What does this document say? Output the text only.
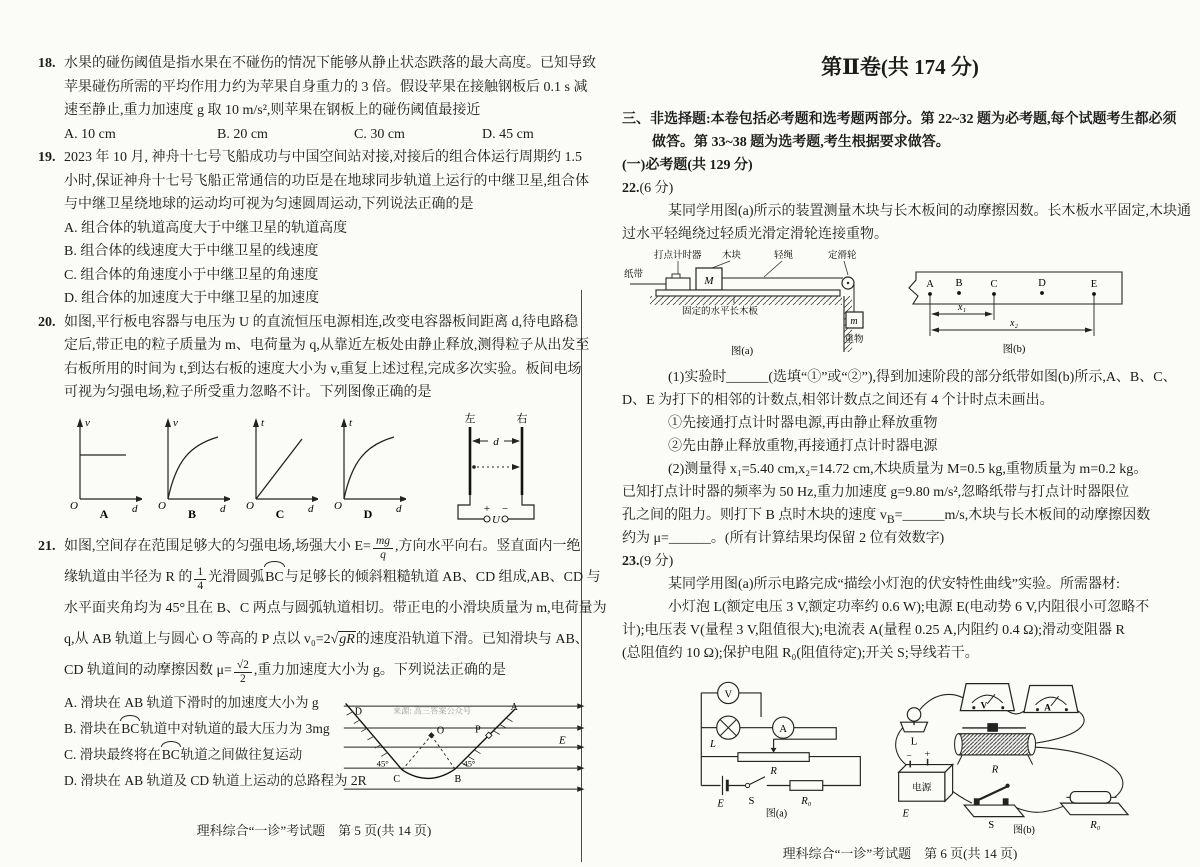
18. 水果的碰伤阈值是指水果在不碰伤的情况下能够从静止状态跌落的最大高度。已知导致
苹果碰伤所需的平均作用力约为苹果自身重力的 3 倍。假设苹果在接触钢板后 0.1 s 减
速至静止,重力加速度 g 取 10 m/s²,则苹果在钢板上的碰伤阈值最接近
A. 10 cm	B. 20 cm	C. 30 cm	D. 45 cm
19. 2023 年 10 月, 神舟十七号飞船成功与中国空间站对接,对接后的组合体运行周期约 1.5
小时,保证神舟十七号飞船正常通信的功臣是在地球同步轨道上运行的中继卫星,组合体
与中继卫星绕地球的运动均可视为匀速圆周运动,下列说法正确的是
A. 组合体的轨道高度大于中继卫星的轨道高度
B. 组合体的线速度大于中继卫星的线速度
C. 组合体的角速度小于中继卫星的角速度
D. 组合体的加速度大于中继卫星的加速度
20. 如图,平行板电容器与电压为 U 的直流恒压电源相连,改变电容器板间距离 d,待电路稳
定后,带正电的粒子质量为 m、电荷量为 q,从靠近左板处由静止释放,测得粒子从出发至
右板所用的时间为 t,到达右板的速度大小为 v,重复上述过程,完成多次实验。板间电场
可视为匀强电场,粒子所受重力忽略不计。下列图像正确的是
O
v
d
A
O
v
d
B
O
t
d
C
O
t
d
D
左	右
d
+ −
U
21. 如图,空间存在范围足够大的匀强电场,场强大小 $E= \frac{mg}{q}$ ,方向水平向右。竖直面内一绝
缘轨道由半径为 R 的 $\frac{1}{4}$ 光滑圆弧BC与足够长的倾斜粗糙轨道 AB、CD 组成,AB、CD 与
水平面夹角均为 45°且在 B、C 两点与圆弧轨道相切。带正电的小滑块质量为 m,电荷量为
q,从 AB 轨道上与圆心 O 等高的 P 点以 v₀=2√gR的速度沿轨道下滑。已知滑块与 AB、
CD 轨道间的动摩擦因数 $\mu= \frac{√2}{2}$ ,重力加速度大小为 g。下列说法正确的是
A. 滑块在 AB 轨道下滑时的加速度大小为 g
B. 滑块在BC轨道中对轨道的最大压力为 3mg
C. 滑块最终将在BC轨道之间做往复运动
D. 滑块在 AB 轨道及 CD 轨道上运动的总路程为 2R
D	A
O	P
E
C	B
45°	45°
来源: 高三答案公众号
理科综合“一诊”考试题　第 5 页(共 14 页)
第Ⅱ卷(共 174 分)
三、非选择题:本卷包括必考题和选考题两部分。第 22~32 题为必考题,每个试题考生都必须
做答。第 33~38 题为选考题,考生根据要求做答。
(一)必考题(共 129 分)
22.(6 分)
某同学用图(a)所示的装置测量木块与长木板间的动摩擦因数。长木板水平固定,木块通
过水平轻绳绕过轻质光滑定滑轮连接重物。
打点计时器 木块	轻绳	定滑轮
纸带	M
m
重物
固定的水平长木板
图(a)
A B	C	D	E
x₁
x₂
图(b)
(1)实验时______(选填“①”或“②”),得到加速阶段的部分纸带如图(b)所示,A、B、C、
D、E 为打下的相邻的计数点,相邻计数点之间还有 4 个计时点未画出。
①先接通打点计时器电源,再由静止释放重物
②先由静止释放重物,再接通打点计时器电源
(2)测量得 x₁=5.40 cm,x₂=14.72 cm,木块质量为 M=0.5 kg,重物质量为 m=0.2 kg。
已知打点计时器的频率为 50 Hz,重力加速度 g=9.80 m/s²,忽略纸带与打点计时器限位
孔之间的阻力。则打下 B 点时木块的速度 $v_B=\_\_\_\_\_\_m/s$,木块与长木板间的动摩擦因数
约为 μ=______。(所有计算结果均保留 2 位有效数字)
23.(9 分)
某同学用图(a)所示电路完成“描绘小灯泡的伏安特性曲线”实验。所需器材:
小灯泡 L(额定电压 3 V,额定功率约 0.6 W);电源 E(电动势 6 V,内阻很小可忽略不
计);电压表 V(量程 3 V,阻值很大);电流表 A(量程 0.25 A,内阻约 0.4 Ω);滑动变阻器 R
(总阻值约 10 Ω);保护电阻 R₀(阻值待定);开关 S;导线若干。
V
L
A
R
E S	R₀
图(a)
V	A
L
R
− +
电源
E
S	R₀
图(b)
理科综合“一诊”考试题　第 6 页(共 14 页)
